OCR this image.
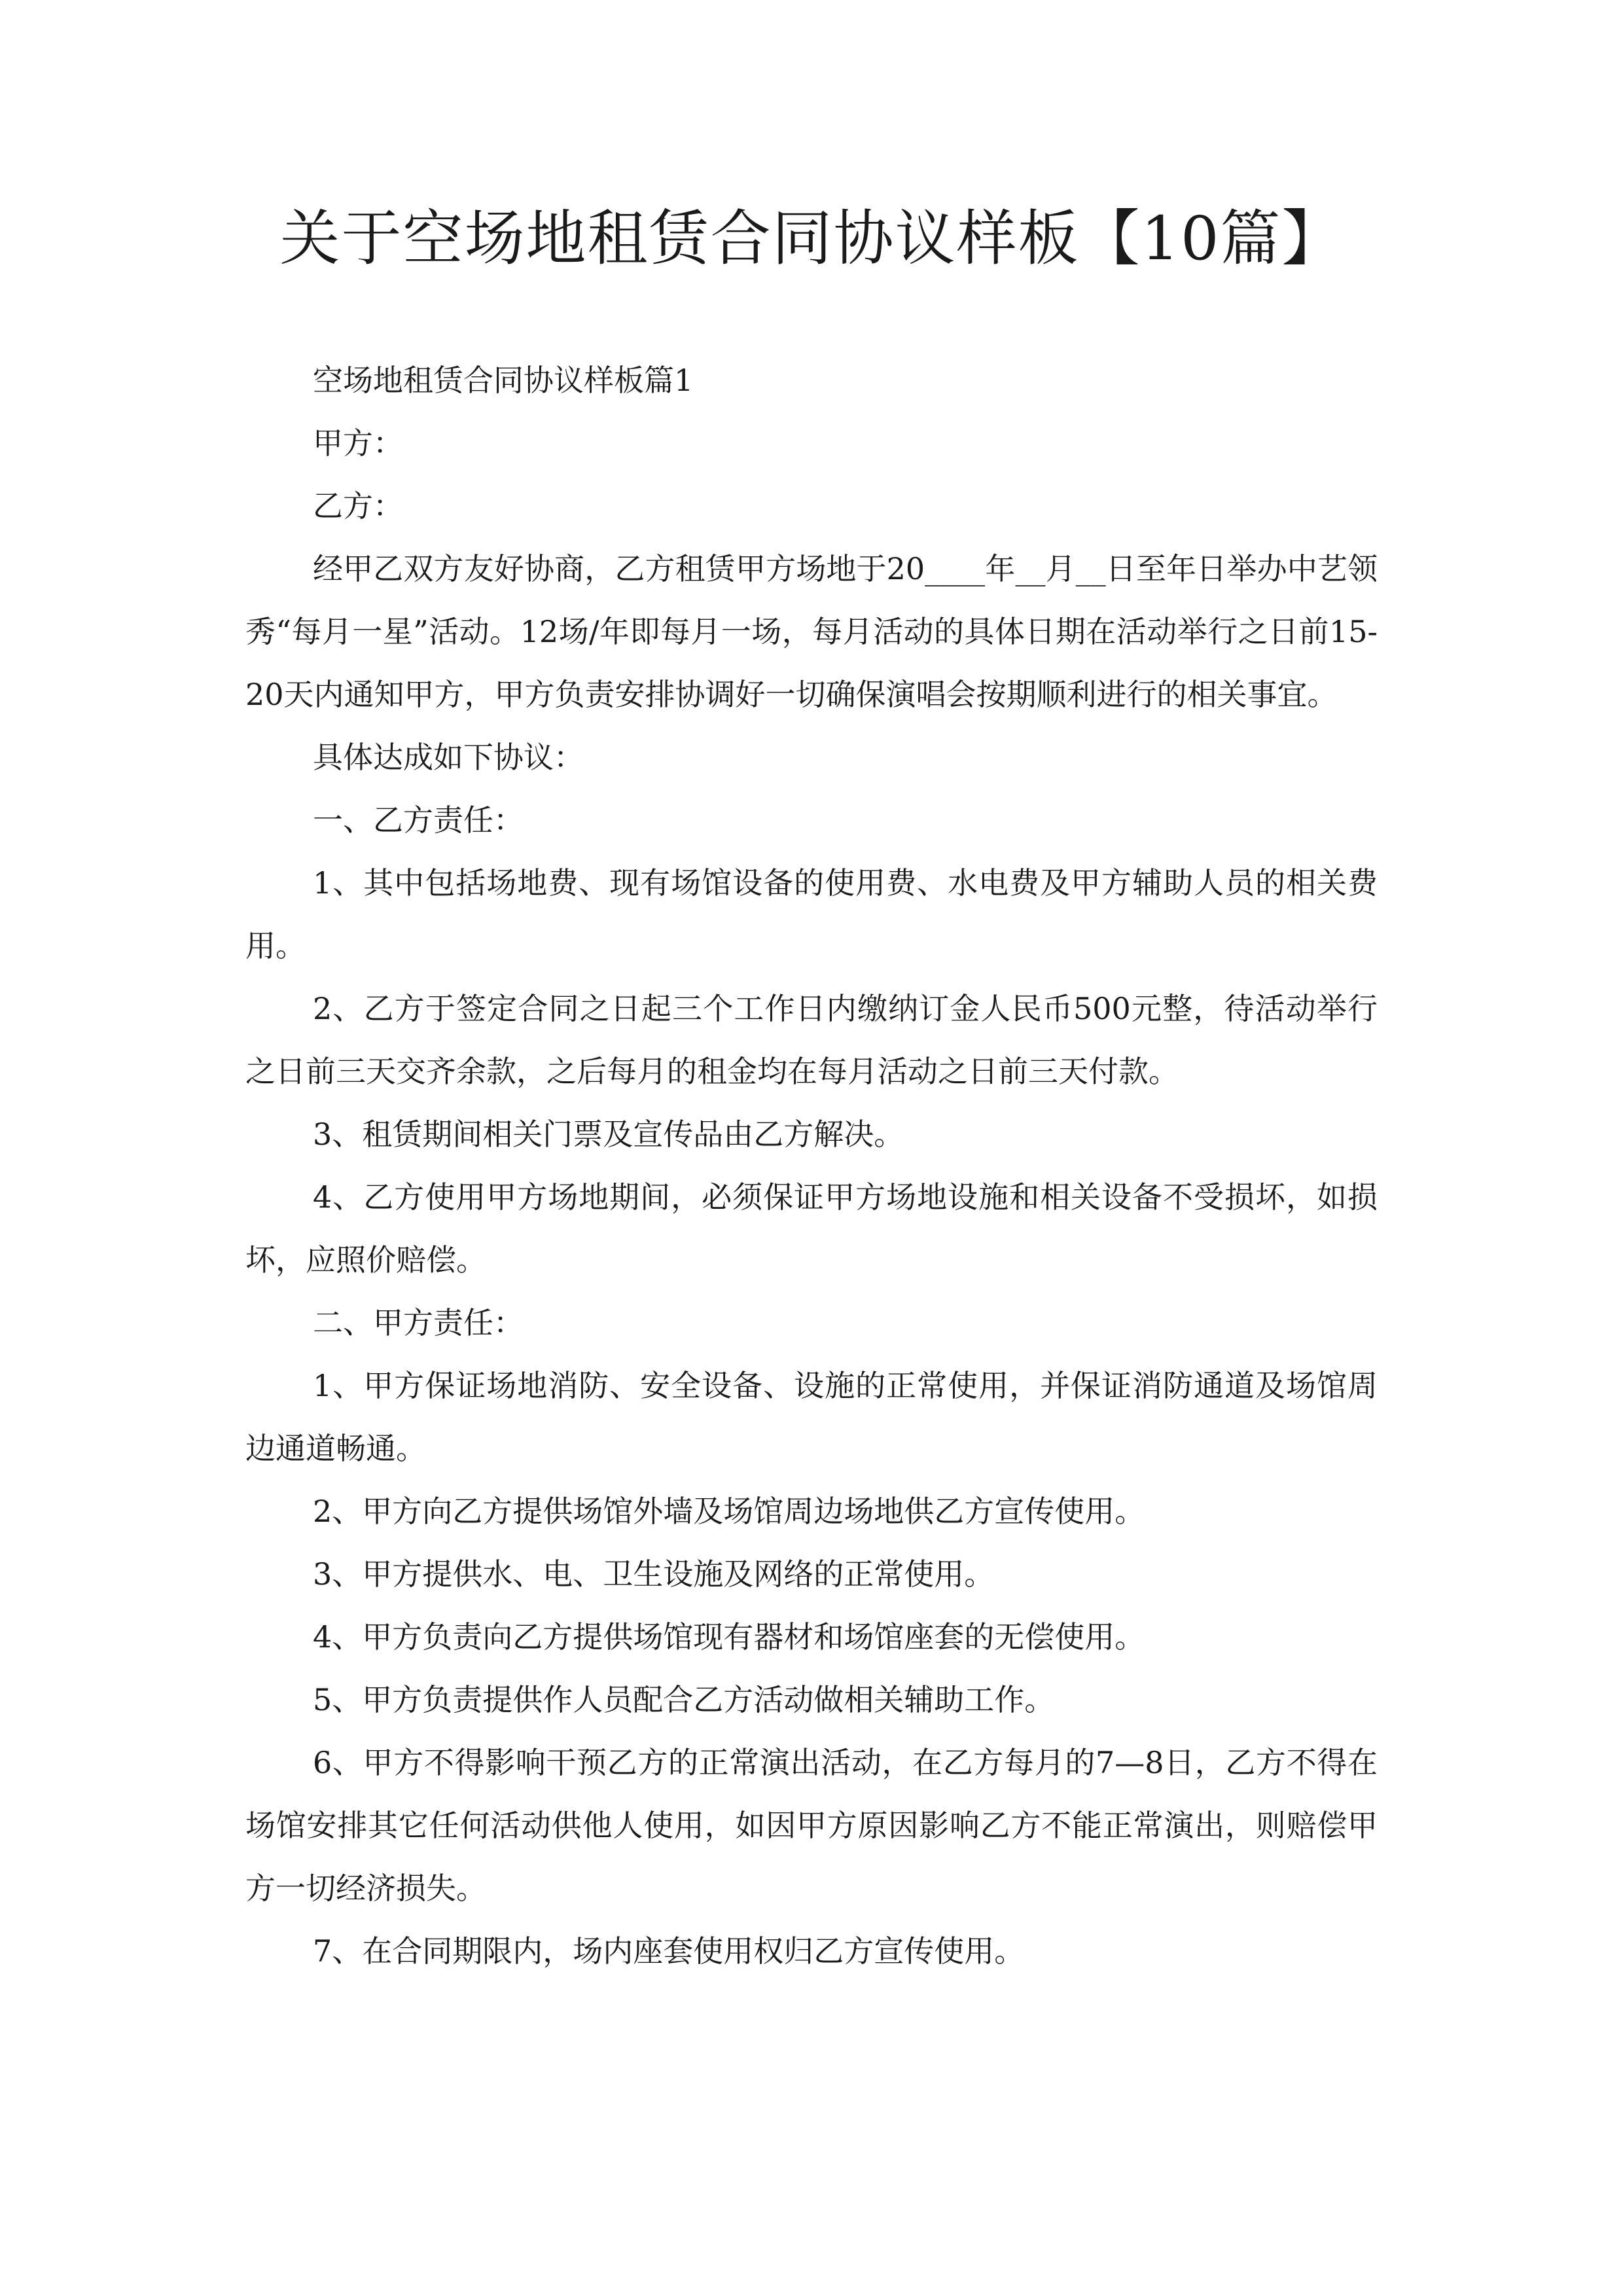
关于空场地租赁合同协议样板【10篇】

空场地租赁合同协议样板篇1

甲方：

乙方：

经甲乙双方友好协商，乙方租赁甲方场地于20____年__月__日至年日举办中艺领秀“每月一星”活动。12场/年即每月一场，每月活动的具体日期在活动举行之日前15-20天内通知甲方，甲方负责安排协调好一切确保演唱会按期顺利进行的相关事宜。

具体达成如下协议：

一、乙方责任：

1、其中包括场地费、现有场馆设备的使用费、水电费及甲方辅助人员的相关费用。

2、乙方于签定合同之日起三个工作日内缴纳订金人民币500元整，待活动举行之日前三天交齐余款，之后每月的租金均在每月活动之日前三天付款。

3、租赁期间相关门票及宣传品由乙方解决。

4、乙方使用甲方场地期间，必须保证甲方场地设施和相关设备不受损坏，如损坏，应照价赔偿。

二、甲方责任：

1、甲方保证场地消防、安全设备、设施的正常使用，并保证消防通道及场馆周边通道畅通。

2、甲方向乙方提供场馆外墙及场馆周边场地供乙方宣传使用。

3、甲方提供水、电、卫生设施及网络的正常使用。

4、甲方负责向乙方提供场馆现有器材和场馆座套的无偿使用。

5、甲方负责提供作人员配合乙方活动做相关辅助工作。

6、甲方不得影响干预乙方的正常演出活动，在乙方每月的7—8日，乙方不得在场馆安排其它任何活动供他人使用，如因甲方原因影响乙方不能正常演出，则赔偿甲方一切经济损失。

7、在合同期限内，场内座套使用权归乙方宣传使用。
